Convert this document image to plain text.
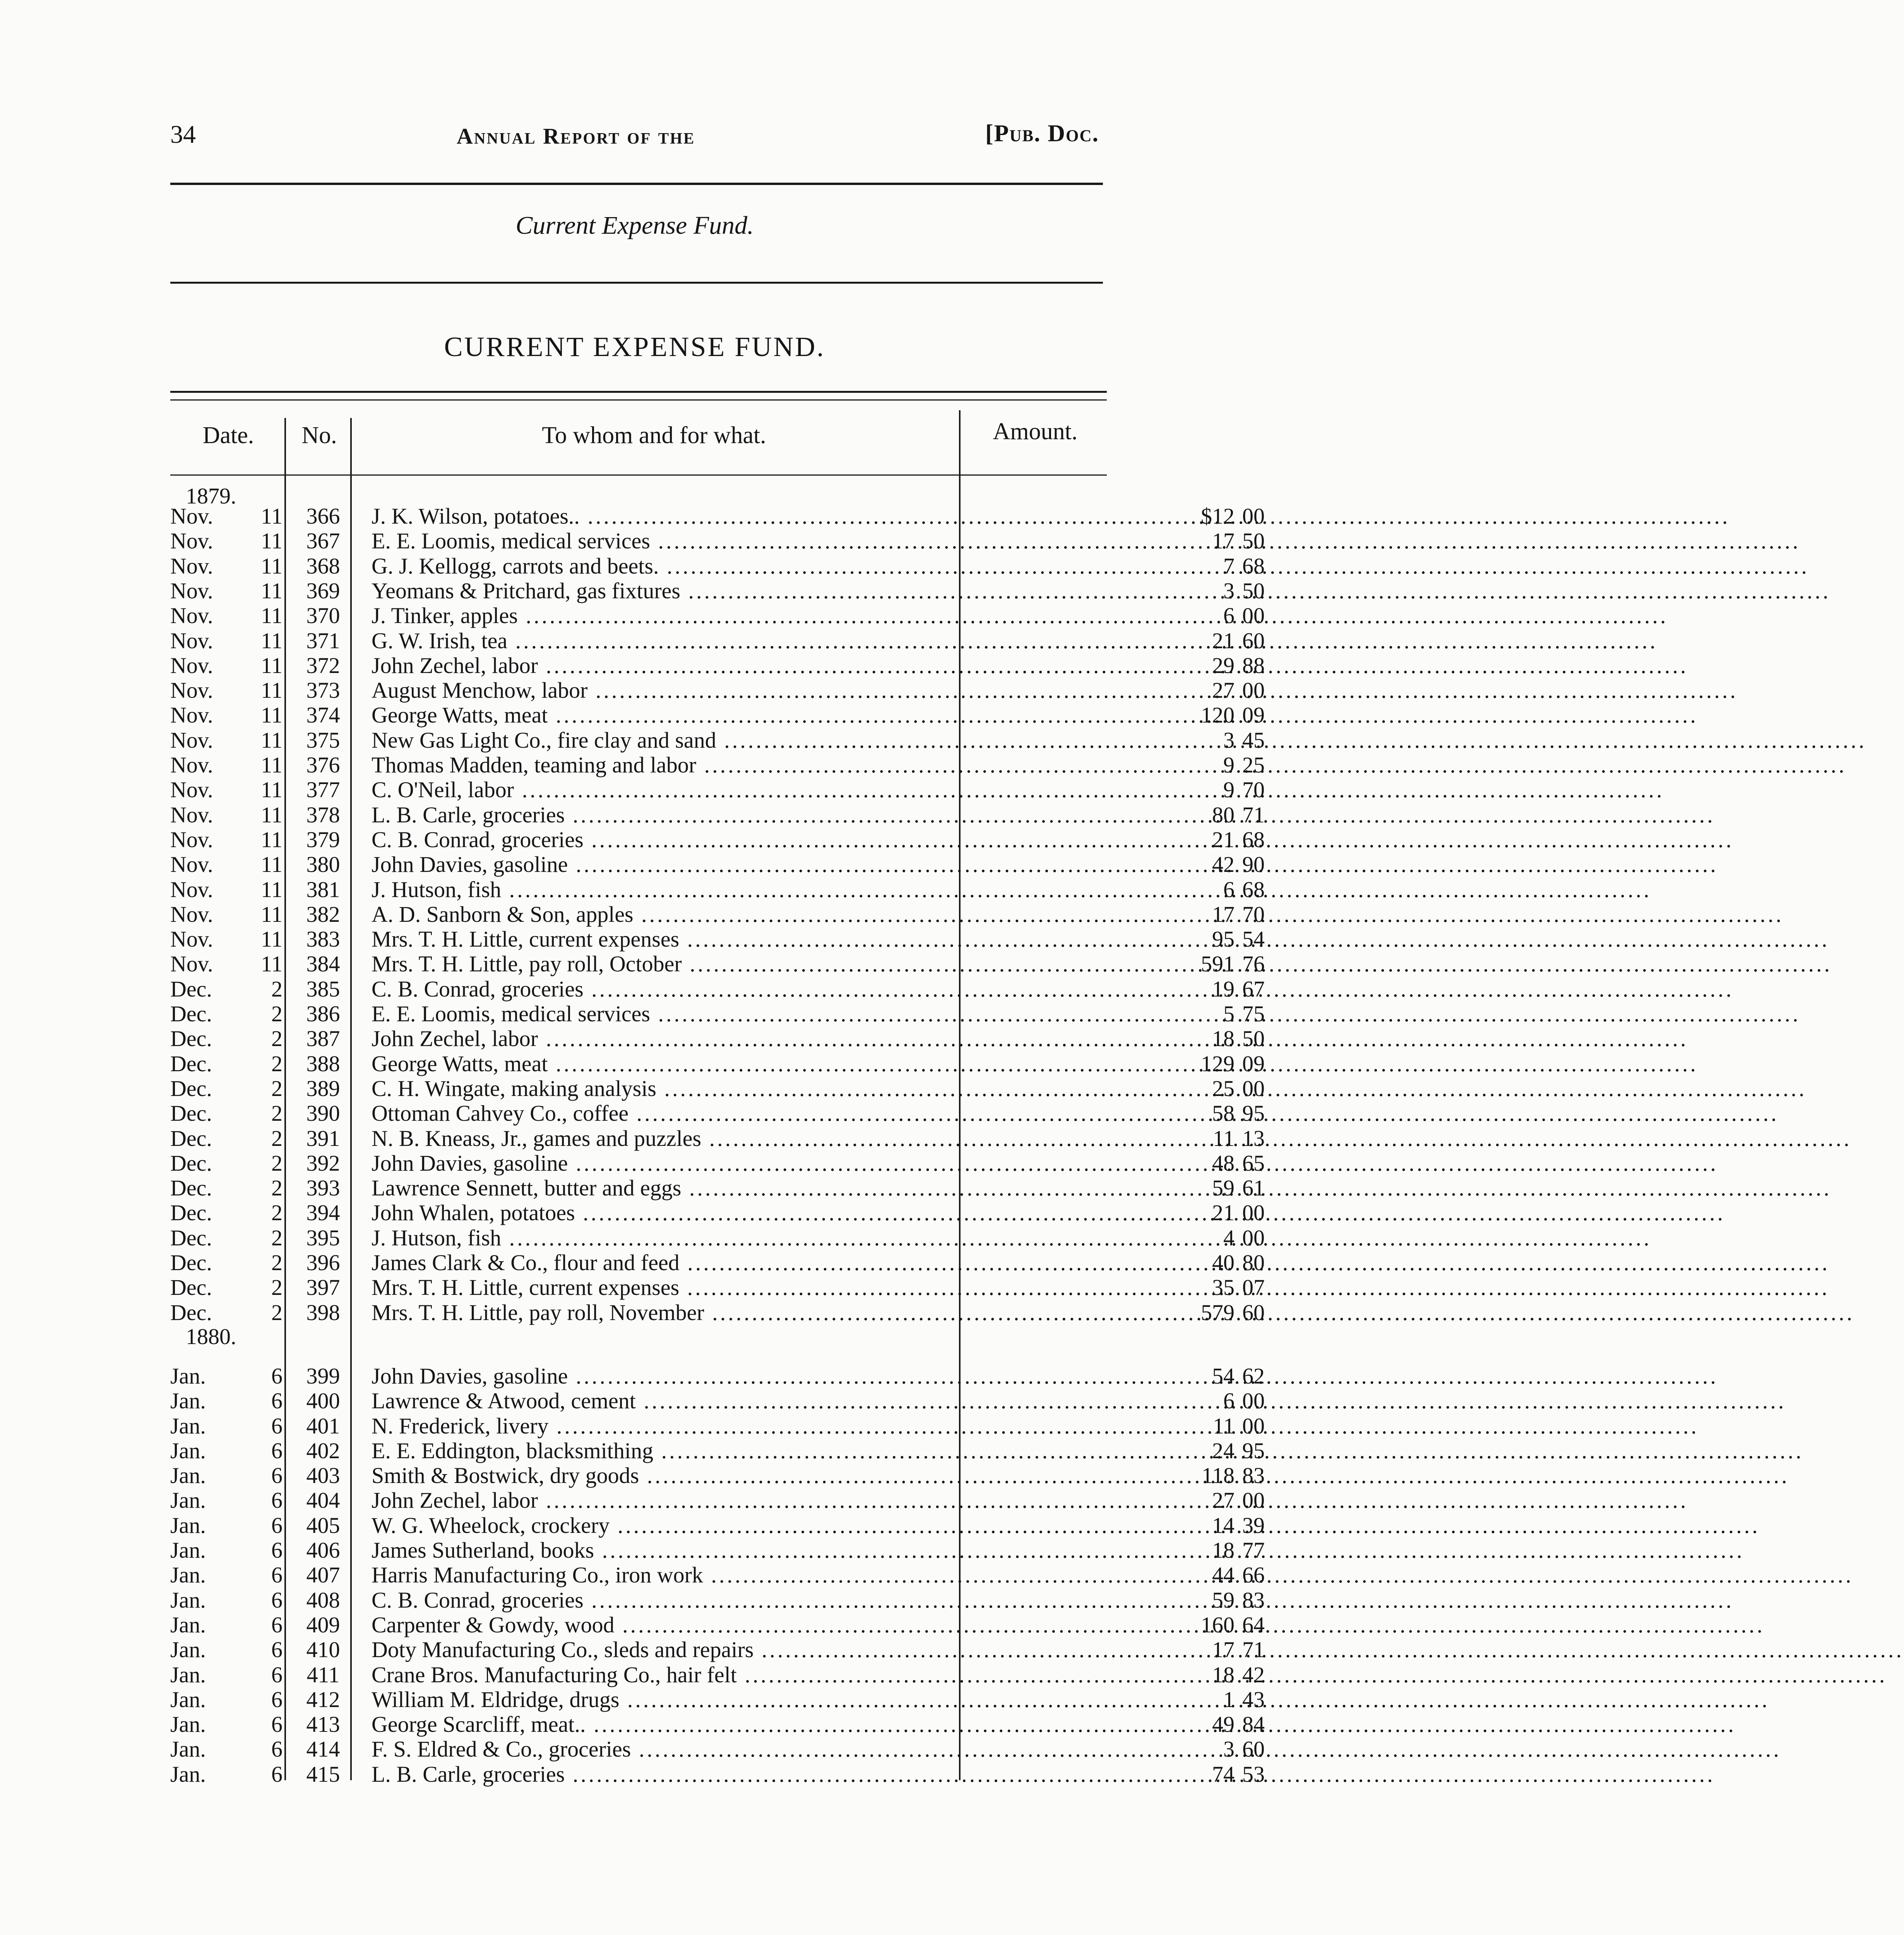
34	Annual Report of the	[Pub. Doc.
Current Expense Fund.
CURRENT EXPENSE FUND.
Date.	No.	To whom and for what.	Amount.
1879.
1880.
Nov.	11	366	J. K. Wilson, potatoes.. .....	$12 00
Nov.	11	367	E. E. Loomis, medical services .....	17 50
Nov.	11	368	G. J. Kellogg, carrots and beets. .....	7 68
Nov.	11	369	Yeomans & Pritchard, gas fixtures .....	3 50
Nov.	11	370	J. Tinker, apples .....	6 00
Nov.	11	371	G. W. Irish, tea .....	21 60
Nov.	11	372	John Zechel, labor .....	29 88
Nov.	11	373	August Menchow, labor .....	27 00
Nov.	11	374	George Watts, meat .....	120 09
Nov.	11	375	New Gas Light Co., fire clay and sand .....	3 45
Nov.	11	376	Thomas Madden, teaming and labor .....	9 25
Nov.	11	377	C. O'Neil, labor .....	9 70
Nov.	11	378	L. B. Carle, groceries .....	80 71
Nov.	11	379	C. B. Conrad, groceries .....	21 68
Nov.	11	380	John Davies, gasoline .....	42 90
Nov.	11	381	J. Hutson, fish .....	6 68
Nov.	11	382	A. D. Sanborn & Son, apples .....	17 70
Nov.	11	383	Mrs. T. H. Little, current expenses .....	95 54
Nov.	11	384	Mrs. T. H. Little, pay roll, October .....	591 76
Dec.	2	385	C. B. Conrad, groceries .....	19 67
Dec.	2	386	E. E. Loomis, medical services .....	5 75
Dec.	2	387	John Zechel, labor .....	18 50
Dec.	2	388	George Watts, meat .....	129 09
Dec.	2	389	C. H. Wingate, making analysis .....	25 00
Dec.	2	390	Ottoman Cahvey Co., coffee .....	58 95
Dec.	2	391	N. B. Kneass, Jr., games and puzzles .....	11 13
Dec.	2	392	John Davies, gasoline .....	48 65
Dec.	2	393	Lawrence Sennett, butter and eggs .....	59 61
Dec.	2	394	John Whalen, potatoes .....	21 00
Dec.	2	395	J. Hutson, fish .....	4 00
Dec.	2	396	James Clark & Co., flour and feed .....	40 80
Dec.	2	397	Mrs. T. H. Little, current expenses .....	35 07
Dec.	2	398	Mrs. T. H. Little, pay roll, November .....	579 60
Jan.	6	399	John Davies, gasoline .....	54 62
Jan.	6	400	Lawrence & Atwood, cement .....	6 00
Jan.	6	401	N. Frederick, livery .....	11 00
Jan.	6	402	E. E. Eddington, blacksmithing .....	24 95
Jan.	6	403	Smith & Bostwick, dry goods .....	118 83
Jan.	6	404	John Zechel, labor .....	27 00
Jan.	6	405	W. G. Wheelock, crockery .....	14 39
Jan.	6	406	James Sutherland, books .....	18 77
Jan.	6	407	Harris Manufacturing Co., iron work .....	44 66
Jan.	6	408	C. B. Conrad, groceries .....	59 83
Jan.	6	409	Carpenter & Gowdy, wood .....	160 64
Jan.	6	410	Doty Manufacturing Co., sleds and repairs .....	17 71
Jan.	6	411	Crane Bros. Manufacturing Co., hair felt .....	18 42
Jan.	6	412	William M. Eldridge, drugs .....	1 43
Jan.	6	413	George Scarcliff, meat.. .....	49 84
Jan.	6	414	F. S. Eldred & Co., groceries .....	3 60
Jan.	6	415	L. B. Carle, groceries .....	74 53
